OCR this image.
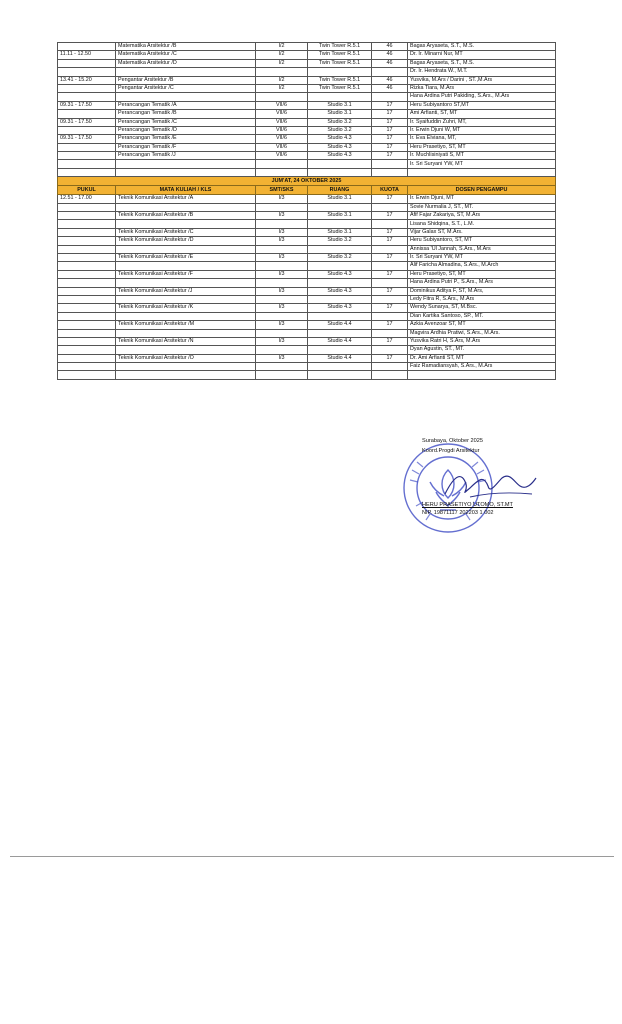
	Matematika Arsitektur /B	I/2	Twin Tower R.5.1	46	Bagas Aryaseta, S.T., M.S.
11.11 - 12.50	Matematika Arsitektur /C	I/2	Twin Tower R.5.1	46	Dr. Ir. Minarni Nur, MT
	Matematika Arsitektur /D	I/2	Twin Tower R.5.1	46	Bagas Aryaseta, S.T., M.S.
					Dr. Ir. Hendrata W., M.T.
13.41 - 15.20	Pengantar Arsitektur /B	I/2	Twin Tower R.5.1	46	Yusvika, M.Ars / Darini , ST.,M.Ars
	Pengantar Arsitektur /C	I/2	Twin Tower R.5.1	46	Rizka Tiara, M.Ars
					Hana Ardina Putri Pakiding, S.Ars., M.Ars
09.31 - 17.50	Perancangan Tematik /A	VII/6	Studio 3.1	17	Heru Subiyantoro ST,MT
	Perancangan Tematik /B	VII/6	Studio 3.1	17	Ami Arfianti, ST, MT
09.31 - 17.50	Perancangan Tematik /C	VII/6	Studio 3.2	17	Ir. Syaifuddin Zuhri, MT,
	Perancangan Tematik /D	VII/6	Studio 3.2	17	Ir. Erwin Djuni W, MT
09.31 - 17.50	Perancangan Tematik /E	VII/6	Studio 4.3	17	Ir. Eva Elviana, MT,
	Perancangan Tematik /F	VII/6	Studio 4.3	17	Heru Prasetiyo, ST, MT
	Perancangan Tematik /J	VII/6	Studio 4.3	17	Ir. Muchlisiniyati S, MT
					Ir. Sri Suryani YW, MT

JUM'AT, 24 OKTOBER 2025					
PUKUL	MATA KULIAH / KLS	SMT/SKS	RUANG	KUOTA	DOSEN PENGAMPU
12.51 - 17.00	Teknik Komunikasi Arsitektur /A	I/3	Studio 3.1	17	Ir. Erwin Djuni, MT
					Sovie Nurmalia J, ST., MT.
	Teknik Komunikasi Arsitektur /B	I/3	Studio 3.1	17	Afif Fajar Zakariya, ST, M.Ars
					Lisana Shidqina, S.T., L.M.
	Teknik Komunikasi Arsitektur /C	I/3	Studio 3.1	17	Vijar Galax ST, M.Ars.
	Teknik Komunikasi Arsitektur /D	I/3	Studio 3.2	17	Heru Subiyantoro, ST, MT
					Annissa 'Ul Jannah, S.Ars., M.Ars
	Teknik Komunikasi Arsitektur /E	I/3	Studio 3.2	17	Ir. Sri Suryani YW, MT
					Alif Faricha Almadina, S.Ars., M.Arch
	Teknik Komunikasi Arsitektur /F	I/3	Studio 4.3	17	Heru Prasetiyo, ST, MT
					Hana Ardina Putri P., S.Ars., M.Ars
	Teknik Komunikasi Arsitektur /J	I/3	Studio 4.3	17	Dominikus Aditya F, ST, M.Ars,
					Ledy Fitra R, S.Ars., M.Ars
	Teknik Komunikasi Arsitektur /K	I/3	Studio 4.3	17	Wendy Sunarya, ST, M.Bsc.
					Dian Kartika Santoso, SP., MT.
	Teknik Komunikasi Arsitektur /M	I/3	Studio 4.4	17	Azkia Avenzoar ST, MT
					Magvira Ardhia Pratiwi, S.Ars., M.Ars.
	Teknik Komunikasi Arsitektur /N	I/3	Studio 4.4	17	Yusvika Ratri H, S.Ars, M.Ars
					Dyan Agustin, ST., MT.
	Teknik Komunikasi Arsitektur /O	I/3	Studio 4.4	17	Dr. Ami Arfianti ST, MT
					Faiz Ramadiansyah, S.Ars., M.Ars

Surabaya, Oktober 2025
Koord.Progdi Arsitektur
HERU PRASETIYO UTOMO, ST.MT
NIP. 19871117 202203 1 002
